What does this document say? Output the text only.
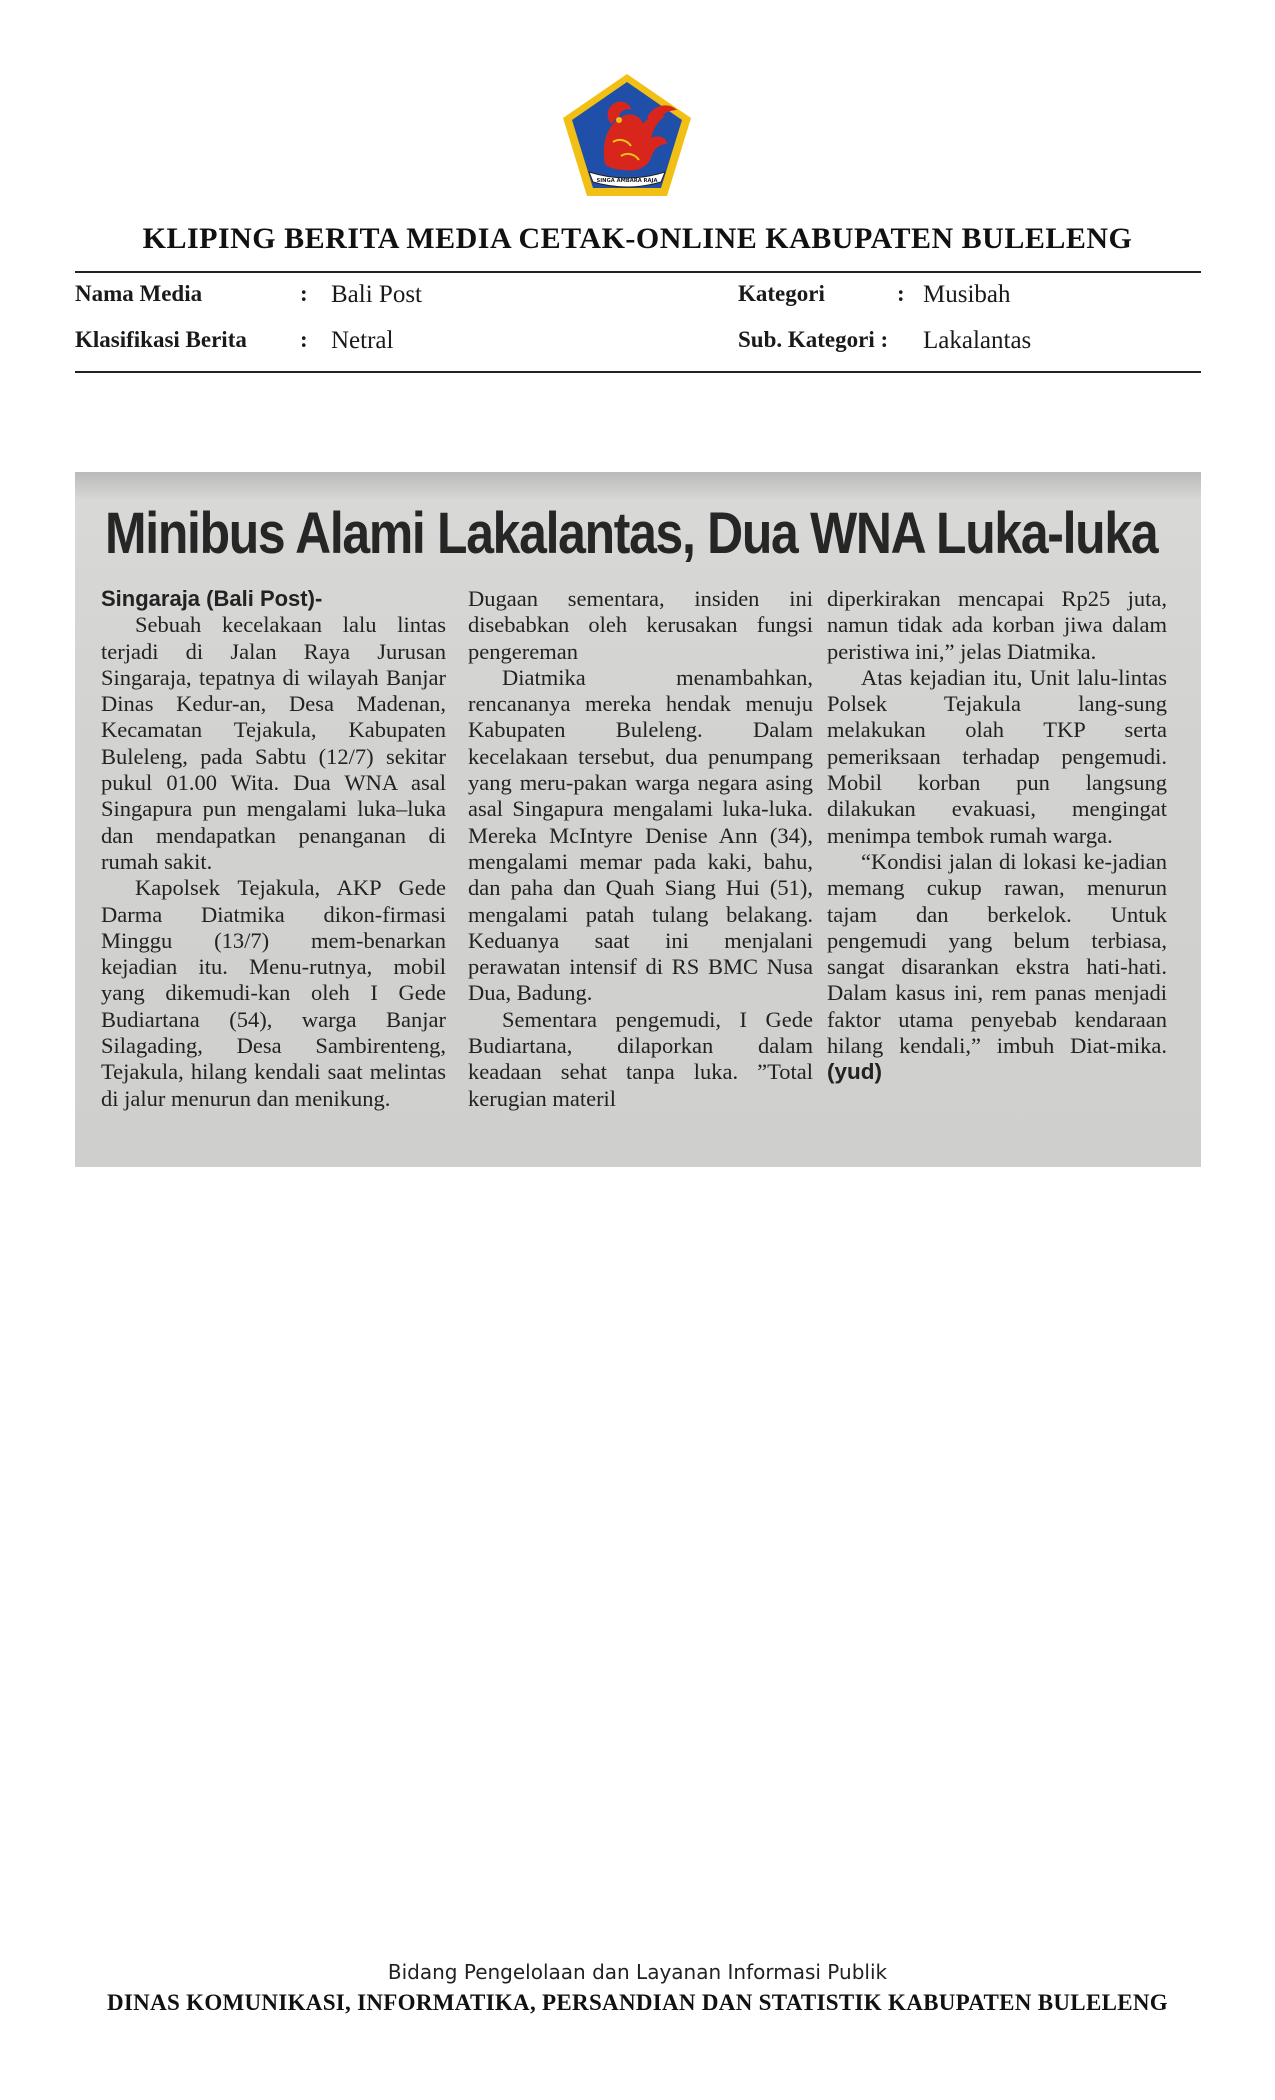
SINGA AMBARA RAJA
KLIPING BERITA MEDIA CETAK-ONLINE KABUPATEN BULELENG
Nama Media	: Bali Post	Kategori	: Musibah
Klasifikasi Berita : Netral	Sub. Kategori : Lakalantas
Minibus Alami Lakalantas, Dua WNA Luka-luka

Singaraja (Bali Post)-

Sebuah kecelakaan lalu lintas terjadi di Jalan Raya Jurusan Singaraja, tepatnya di wilayah Banjar Dinas Kedur-an, Desa Madenan, Kecamatan Tejakula, Kabupaten Buleleng, pada Sabtu (12/7) sekitar pukul 01.00 Wita. Dua WNA asal Singapura pun mengalami luka–luka dan mendapatkan penanganan di rumah sakit.

Kapolsek Tejakula, AKP Gede Darma Diatmika dikon-firmasi Minggu (13/7) mem-benarkan kejadian itu. Menu-rutnya, mobil yang dikemudi-kan oleh I Gede Budiartana (54), warga Banjar Silagading, Desa Sambirenteng, Tejakula, hilang kendali saat melintas di jalur menurun dan menikung.

Dugaan sementara, insiden ini disebabkan oleh kerusakan fungsi pengereman

Diatmika menambahkan, rencananya mereka hendak menuju Kabupaten Buleleng. Dalam kecelakaan tersebut, dua penumpang yang meru-pakan warga negara asing asal Singapura mengalami luka-luka. Mereka McIntyre Denise Ann (34), mengalami memar pada kaki, bahu, dan paha dan Quah Siang Hui (51), mengalami patah tulang belakang. Keduanya saat ini menjalani perawatan intensif di RS BMC Nusa Dua, Badung.

Sementara pengemudi, I Gede Budiartana, dilaporkan dalam keadaan sehat tanpa luka. ”Total kerugian materil

diperkirakan mencapai Rp25 juta, namun tidak ada korban jiwa dalam peristiwa ini,” jelas Diatmika.

Atas kejadian itu, Unit lalu-lintas Polsek Tejakula lang-sung melakukan olah TKP serta pemeriksaan terhadap pengemudi. Mobil korban pun langsung dilakukan evakuasi, mengingat menimpa tembok rumah warga.

“Kondisi jalan di lokasi ke-jadian memang cukup rawan, menurun tajam dan berkelok. Untuk pengemudi yang belum terbiasa, sangat disarankan ekstra hati-hati. Dalam kasus ini, rem panas menjadi faktor utama penyebab kendaraan hilang kendali,” imbuh Diat-mika. (yud)

Bidang Pengelolaan dan Layanan Informasi Publik
DINAS KOMUNIKASI, INFORMATIKA, PERSANDIAN DAN STATISTIK KABUPATEN BULELENG
